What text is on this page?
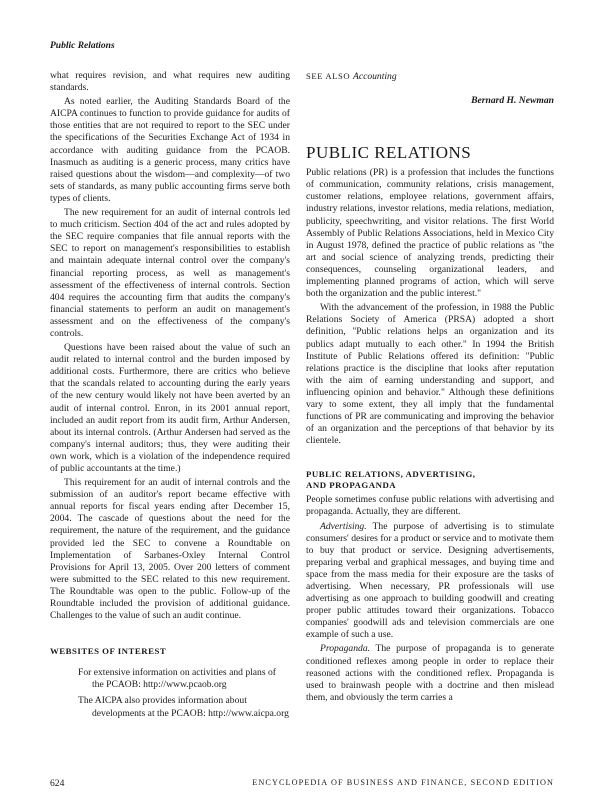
Public Relations

what requires revision, and what requires new auditing standards.

As noted earlier, the Auditing Standards Board of the AICPA continues to function to provide guidance for audits of those entities that are not required to report to the SEC under the specifications of the Securities Exchange Act of 1934 in accordance with auditing guidance from the PCAOB. Inasmuch as auditing is a generic process, many critics have raised questions about the wisdom—and complexity—of two sets of standards, as many public accounting firms serve both types of clients.

The new requirement for an audit of internal controls led to much criticism. Section 404 of the act and rules adopted by the SEC require companies that file annual reports with the SEC to report on management's responsibilities to establish and maintain adequate internal control over the company's financial reporting process, as well as management's assessment of the effectiveness of internal controls. Section 404 requires the accounting firm that audits the company's financial statements to perform an audit on management's assessment and on the effectiveness of the company's controls.

Questions have been raised about the value of such an audit related to internal control and the burden imposed by additional costs. Furthermore, there are critics who believe that the scandals related to accounting during the early years of the new century would likely not have been averted by an audit of internal control. Enron, in its 2001 annual report, included an audit report from its audit firm, Arthur Andersen, about its internal controls. (Arthur Andersen had served as the company's internal auditors; thus, they were auditing their own work, which is a violation of the independence required of public accountants at the time.)

This requirement for an audit of internal controls and the submission of an auditor's report became effective with annual reports for fiscal years ending after December 15, 2004. The cascade of questions about the need for the requirement, the nature of the requirement, and the guidance provided led the SEC to convene a Roundtable on Implementation of Sarbanes-Oxley Internal Control Provisions for April 13, 2005. Over 200 letters of comment were submitted to the SEC related to this new requirement. The Roundtable was open to the public. Follow-up of the Roundtable included the provision of additional guidance. Challenges to the value of such an audit continue.

WEBSITES OF INTEREST

For extensive information on activities and plans of the PCAOB: http://www.pcaob.org

The AICPA also provides information about developments at the PCAOB: http://www.aicpa.org

SEE ALSO Accounting
Bernard H. Newman
PUBLIC RELATIONS

Public relations (PR) is a profession that includes the functions of communication, community relations, crisis management, customer relations, employee relations, government affairs, industry relations, investor relations, media relations, mediation, publicity, speechwriting, and visitor relations. The first World Assembly of Public Relations Associations, held in Mexico City in August 1978, defined the practice of public relations as "the art and social science of analyzing trends, predicting their consequences, counseling organizational leaders, and implementing planned programs of action, which will serve both the organization and the public interest."

With the advancement of the profession, in 1988 the Public Relations Society of America (PRSA) adopted a short definition, "Public relations helps an organization and its publics adapt mutually to each other." In 1994 the British Institute of Public Relations offered its definition: "Public relations practice is the discipline that looks after reputation with the aim of earning understanding and support, and influencing opinion and behavior." Although these definitions vary to some extent, they all imply that the fundamental functions of PR are communicating and improving the behavior of an organization and the perceptions of that behavior by its clientele.

PUBLIC RELATIONS, ADVERTISING,
AND PROPAGANDA

People sometimes confuse public relations with advertising and propaganda. Actually, they are different.

Advertising. The purpose of advertising is to stimulate consumers' desires for a product or service and to motivate them to buy that product or service. Designing advertisements, preparing verbal and graphical messages, and buying time and space from the mass media for their exposure are the tasks of advertising. When necessary, PR professionals will use advertising as one approach to building goodwill and creating proper public attitudes toward their organizations. Tobacco companies' goodwill ads and television commercials are one example of such a use.

Propaganda. The purpose of propaganda is to generate conditioned reflexes among people in order to replace their reasoned actions with the conditioned reflex. Propaganda is used to brainwash people with a doctrine and then mislead them, and obviously the term carries a

624	ENCYCLOPEDIA OF BUSINESS AND FINANCE, SECOND EDITION
